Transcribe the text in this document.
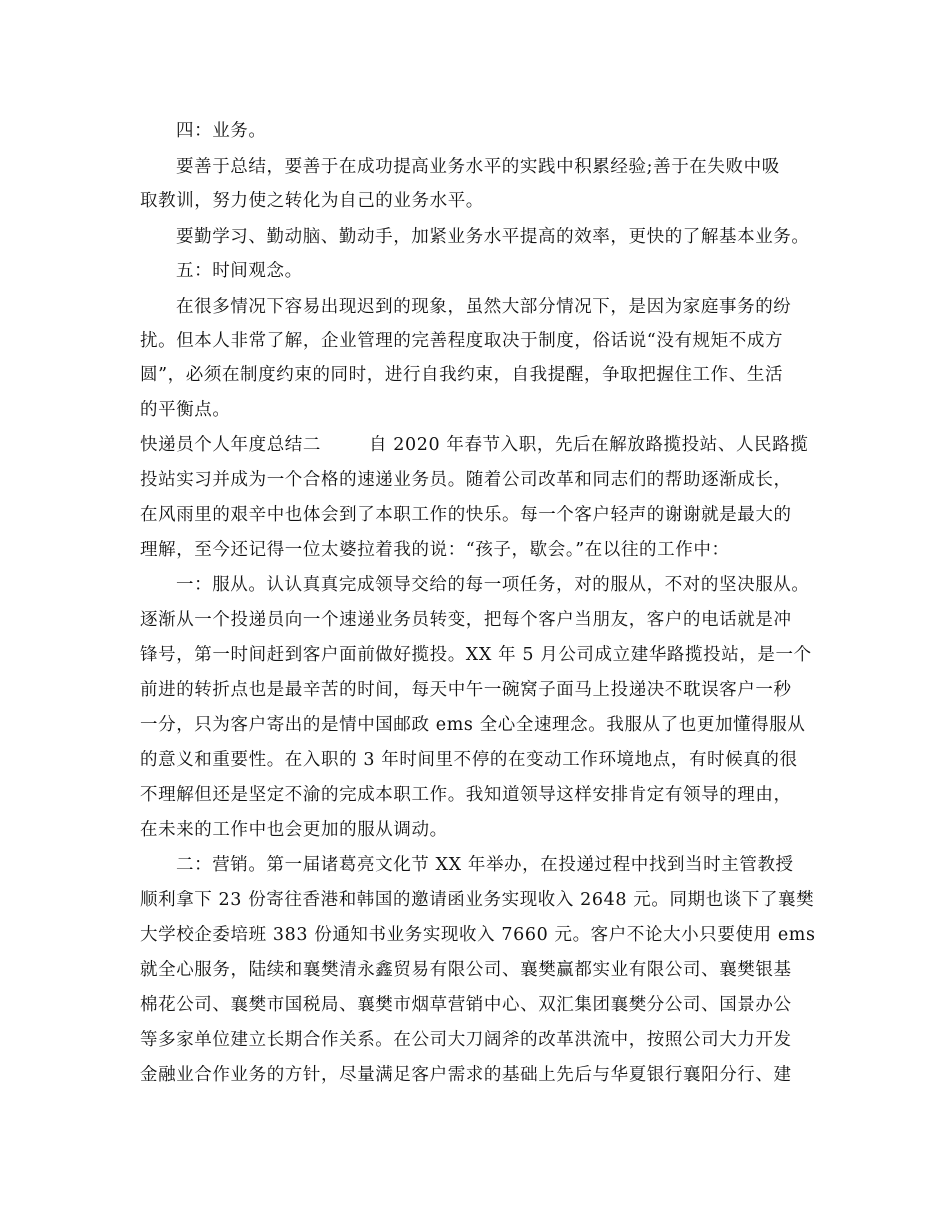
四：业务。
要善于总结，要善于在成功提高业务水平的实践中积累经验;善于在失败中吸
取教训，努力使之转化为自己的业务水平。
要勤学习、勤动脑、勤动手，加紧业务水平提高的效率，更快的了解基本业务。
五：时间观念。
在很多情况下容易出现迟到的现象，虽然大部分情况下，是因为家庭事务的纷
扰。但本人非常了解，企业管理的完善程度取决于制度，俗话说“没有规矩不成方
圆”，必须在制度约束的同时，进行自我约束，自我提醒，争取把握住工作、生活
的平衡点。
快递员个人年度总结二	自 2020 年春节入职，先后在解放路揽投站、人民路揽
投站实习并成为一个合格的速递业务员。随着公司改革和同志们的帮助逐渐成长，
在风雨里的艰辛中也体会到了本职工作的快乐。每一个客户轻声的谢谢就是最大的
理解，至今还记得一位太婆拉着我的说：“孩子，歇会。”在以往的工作中：
一：服从。认认真真完成领导交给的每一项任务，对的服从，不对的坚决服从。
逐渐从一个投递员向一个速递业务员转变，把每个客户当朋友，客户的电话就是冲
锋号，第一时间赶到客户面前做好揽投。XX 年 5 月公司成立建华路揽投站，是一个
前进的转折点也是最辛苦的时间，每天中午一碗窝子面马上投递决不耽误客户一秒
一分，只为客户寄出的是情中国邮政 ems 全心全速理念。我服从了也更加懂得服从
的意义和重要性。在入职的 3 年时间里不停的在变动工作环境地点，有时候真的很
不理解但还是坚定不渝的完成本职工作。我知道领导这样安排肯定有领导的理由，
在未来的工作中也会更加的服从调动。
二：营销。第一届诸葛亮文化节 XX 年举办，在投递过程中找到当时主管教授
顺利拿下 23 份寄往香港和韩国的邀请函业务实现收入 2648 元。同期也谈下了襄樊
大学校企委培班 383 份通知书业务实现收入 7660 元。客户不论大小只要使用 ems
就全心服务，陆续和襄樊清永鑫贸易有限公司、襄樊赢都实业有限公司、襄樊银基
棉花公司、襄樊市国税局、襄樊市烟草营销中心、双汇集团襄樊分公司、国景办公
等多家单位建立长期合作关系。在公司大刀阔斧的改革洪流中，按照公司大力开发
金融业合作业务的方针，尽量满足客户需求的基础上先后与华夏银行襄阳分行、建
